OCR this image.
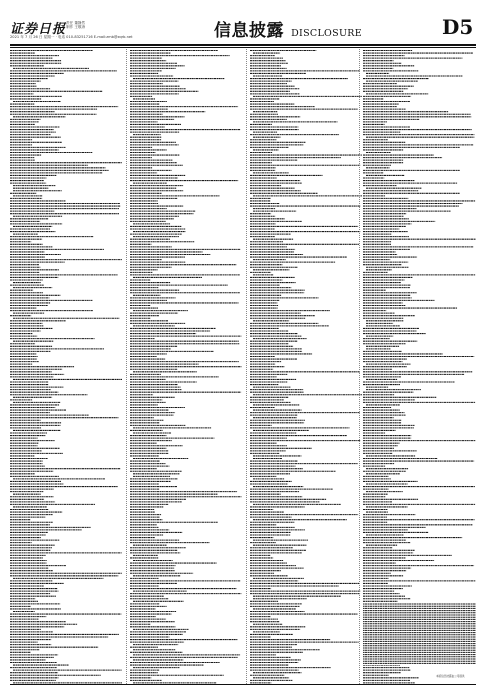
证券日报 责任 董静然
制作 王敬涛
2021 年 7 月 26 日 星期一 · 电话 010-83251716 E-mail:zmb@zqrb.net	信息披露 DISCLOSURE	D5
本版信息披露由公司提供
